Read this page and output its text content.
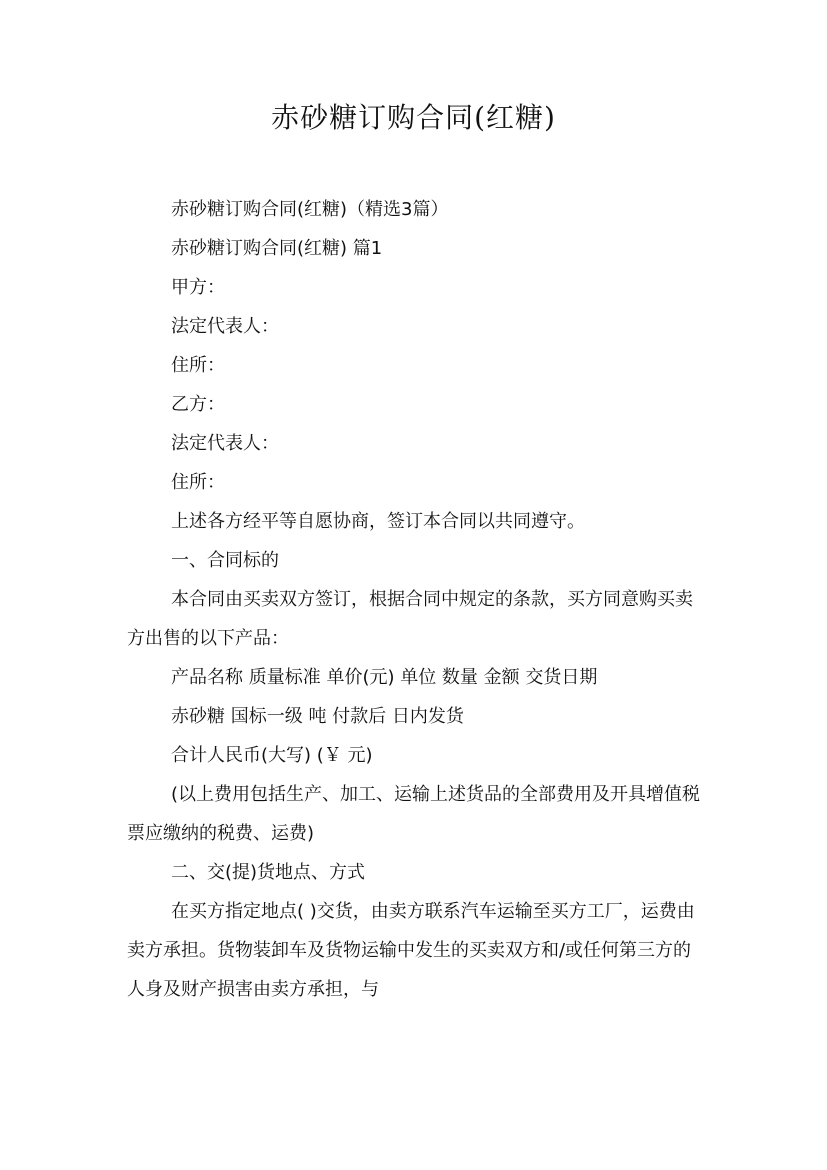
赤砂糖订购合同(红糖)

赤砂糖订购合同(红糖)（精选3篇）

赤砂糖订购合同(红糖) 篇1

甲方：

法定代表人：

住所：

乙方：

法定代表人：

住所：

上述各方经平等自愿协商，签订本合同以共同遵守。

一、合同标的

本合同由买卖双方签订，根据合同中规定的条款，买方同意购买卖方出售的以下产品：

产品名称 质量标准 单价(元) 单位 数量 金额 交货日期

赤砂糖 国标一级 吨 付款后 日内发货

合计人民币(大写) (￥ 元)

(以上费用包括生产、加工、运输上述货品的全部费用及开具增值税票应缴纳的税费、运费)

二、交(提)货地点、方式

在买方指定地点( )交货，由卖方联系汽车运输至买方工厂，运费由卖方承担。货物装卸车及货物运输中发生的买卖双方和/或任何第三方的人身及财产损害由卖方承担，与
